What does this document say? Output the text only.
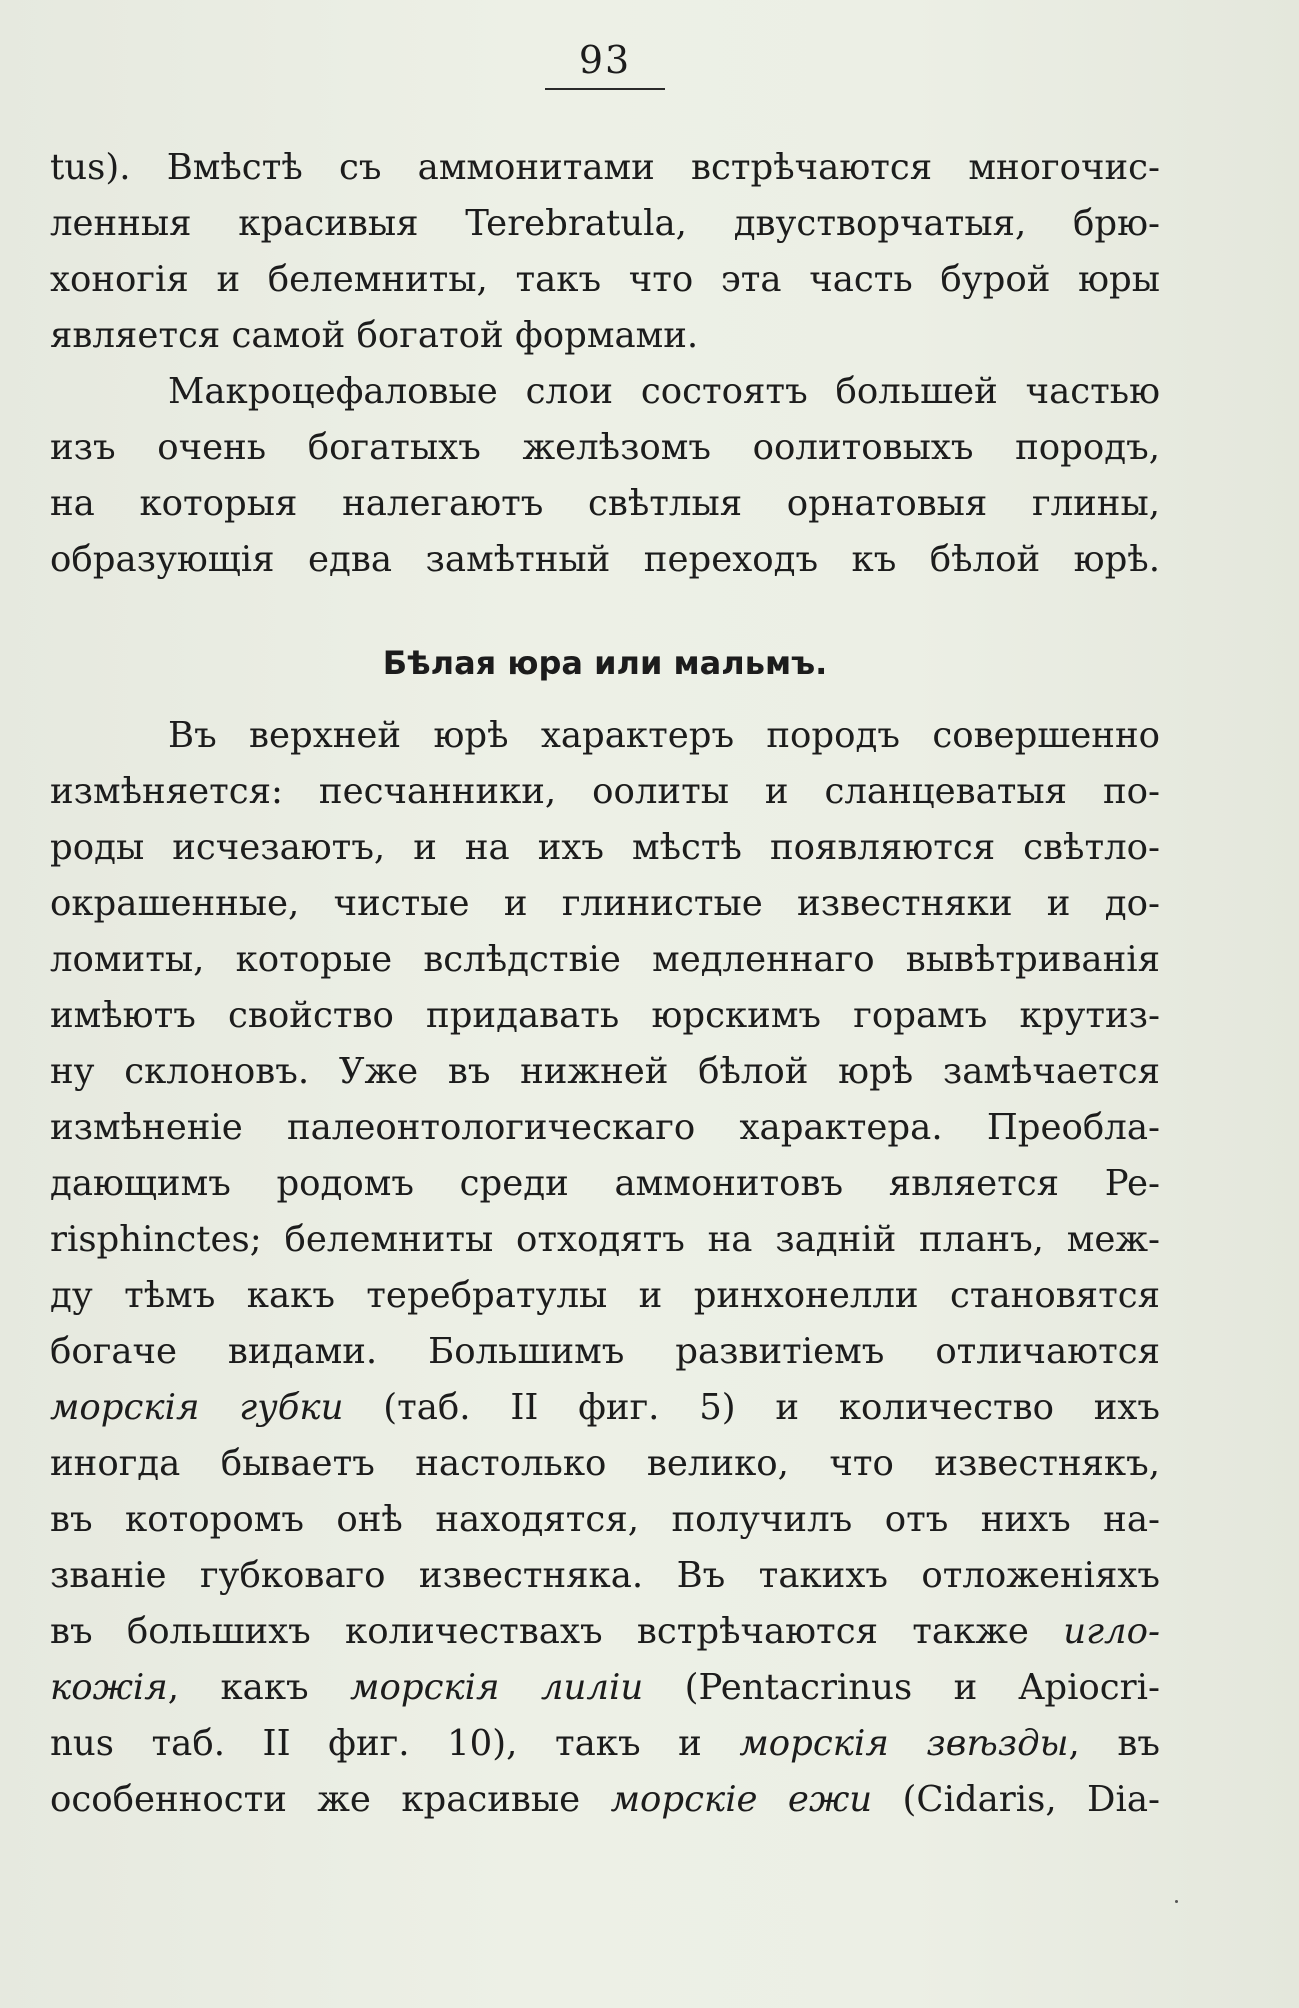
93
tus). Вмѣстѣ съ аммонитами встрѣчаются многочис-
ленныя красивыя Terebratula, двустворчатыя, брю-
хоногія и белемниты, такъ что эта часть бурой юры
является самой богатой формами.
Макроцефаловые слои состоятъ большей частью
изъ очень богатыхъ желѣзомъ оолитовыхъ породъ,
на которыя налегаютъ свѣтлыя орнатовыя глины,
образующія едва замѣтный переходъ къ бѣлой юрѣ.
Бѣлая юра или мальмъ.
Въ верхней юрѣ характеръ породъ совершенно
измѣняется: песчанники, оолиты и сланцеватыя по-
роды исчезаютъ, и на ихъ мѣстѣ появляются свѣтло-
окрашенные, чистые и глинистые известняки и до-
ломиты, которые вслѣдствіе медленнаго вывѣтриванія
имѣютъ свойство придавать юрскимъ горамъ крутиз-
ну склоновъ. Уже въ нижней бѣлой юрѣ замѣчается
измѣненіе палеонтологическаго характера. Преобла-
дающимъ родомъ среди аммонитовъ является Pe-
risphinctes; белемниты отходятъ на задній планъ, меж-
ду тѣмъ какъ теребратулы и ринхонелли становятся
богаче видами. Большимъ развитіемъ отличаются
морскія губки (таб. II фиг. 5) и количество ихъ
иногда бываетъ настолько велико, что известнякъ,
въ которомъ онѣ находятся, получилъ отъ нихъ на-
званіе губковаго известняка. Въ такихъ отложеніяхъ
въ большихъ количествахъ встрѣчаются также игло-
кожія, какъ морскія лиліи (Pentacrinus и Apiocri-
nus таб. II фиг. 10), такъ и морскія звѣзды, въ
особенности же красивые морскіе ежи (Cidaris, Dia-
